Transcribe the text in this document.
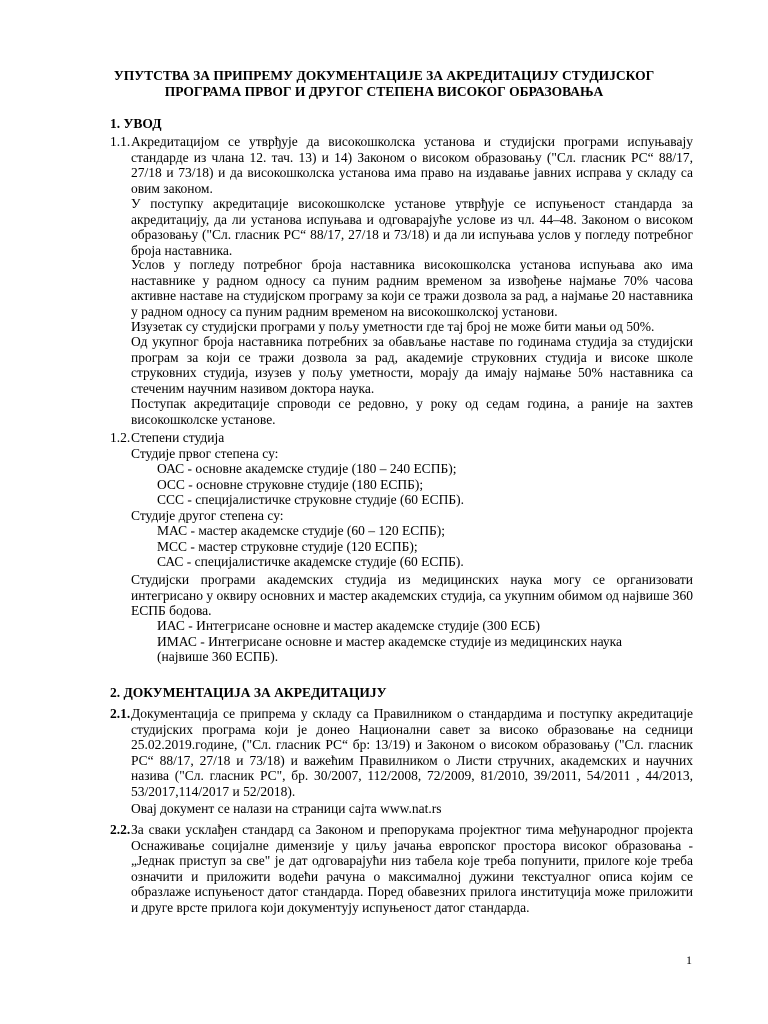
УПУТСТВА ЗА ПРИПРЕМУ ДОКУМЕНТАЦИЈЕ ЗА АКРЕДИТАЦИЈУ СТУДИЈСКОГ
ПРОГРАМА ПРВОГ И ДРУГОГ СТЕПЕНА ВИСОКОГ ОБРАЗОВАЊА
1. УВОД
1.1. Акредитацијом се утврђује да високошколска установа и студијски програми испуњавају стандарде из члана 12. тач. 13) и 14) Законом о високом образовању ("Сл. гласник РС“ 88/17, 27/18 и 73/18) и да високошколска установа има право на издавање јавних исправа у складу са овим законом.
У поступку акредитације високошколске установе утврђује се испуњеност стандарда за акредитацију, да ли установа испуњава и одговарајуће услове из чл. 44–48. Законом о високом образовању ("Сл. гласник РС“ 88/17, 27/18 и 73/18) и да ли испуњава услов у погледу потребног броја наставника.
Услов у погледу потребног броја наставника високошколска установа испуњава ако има наставнике у радном односу са пуним радним временом за извођење најмање 70% часова активне наставе на студијском програму за који се тражи дозвола за рад, а најмање 20 наставника у радном односу са пуним радним временом на високошколској установи.
Изузетак су студијски програми у пољу уметности где тај број не може бити мањи од 50%.
Од укупног броја наставника потребних за обављање наставе по годинама студија за студијски програм за који се тражи дозвола за рад, академије струковних студија и високе школе струковних студија, изузев у пољу уметности, морају да имају најмање 50% наставника са стеченим научним називом доктора наука.
Поступак акредитације спроводи се редовно, у року од седам година, а раније на захтев високошколске установе.
1.2. Степени студија
Студије првог степена су:
ОАС - основне академске студије (180 – 240 ЕСПБ);
ОСС - основне струковне студије (180 ЕСПБ);
ССС - специјалистичке струковне студије (60 ЕСПБ).
Студије другог степена су:
МАС - мастер академске студије (60 – 120 ЕСПБ);
МСС - мастер струковне студије (120 ЕСПБ);
САС - специјалистичке академске студије (60 ЕСПБ).
Студијски програми академских студија из медицинских наука могу се организовати интегрисано у оквиру основних и мастер академских студија, са укупним обимом од највише 360 ЕСПБ бодова.
ИАС - Интегрисане основне и мастер академске студије (300 ЕСБ)
ИМАС - Интегрисане основне и мастер академске студије из медицинских наука
(највише 360 ЕСПБ).
2. ДОКУМЕНТАЦИЈА ЗА АКРЕДИТАЦИЈУ
2.1. Документација се припрема у складу са Правилником о стандардима и поступку акредитације студијских програма који је донео Национални савет за високо образовање на седници 25.02.2019.године, ("Сл. гласник РС“ бр: 13/19) и Законом о високом образовању ("Сл. гласник РС“ 88/17, 27/18 и 73/18) и важећим Правилником о Листи стручних, академских и научних назива ("Сл. гласник РС", бр. 30/2007, 112/2008, 72/2009, 81/2010, 39/2011, 54/2011 , 44/2013, 53/2017,114/2017 и 52/2018).
Овај документ се налази на страници сајта www.nat.rs
2.2. За сваки усклађен стандард са Законом и препорукама пројектног тима међународног пројекта Оснаживање социјалне димензије у циљу јачања европског простора високог образовања - „Једнак приступ за све" је дат одговарајући низ табела које треба попунити, прилоге које треба означити и приложити водећи рачуна о максималној дужини текстуалног описа којим се образлаже испуњеност датог стандарда. Поред обавезних прилога институција може приложити и друге врсте прилога који документују испуњеност датог стандарда.
1
